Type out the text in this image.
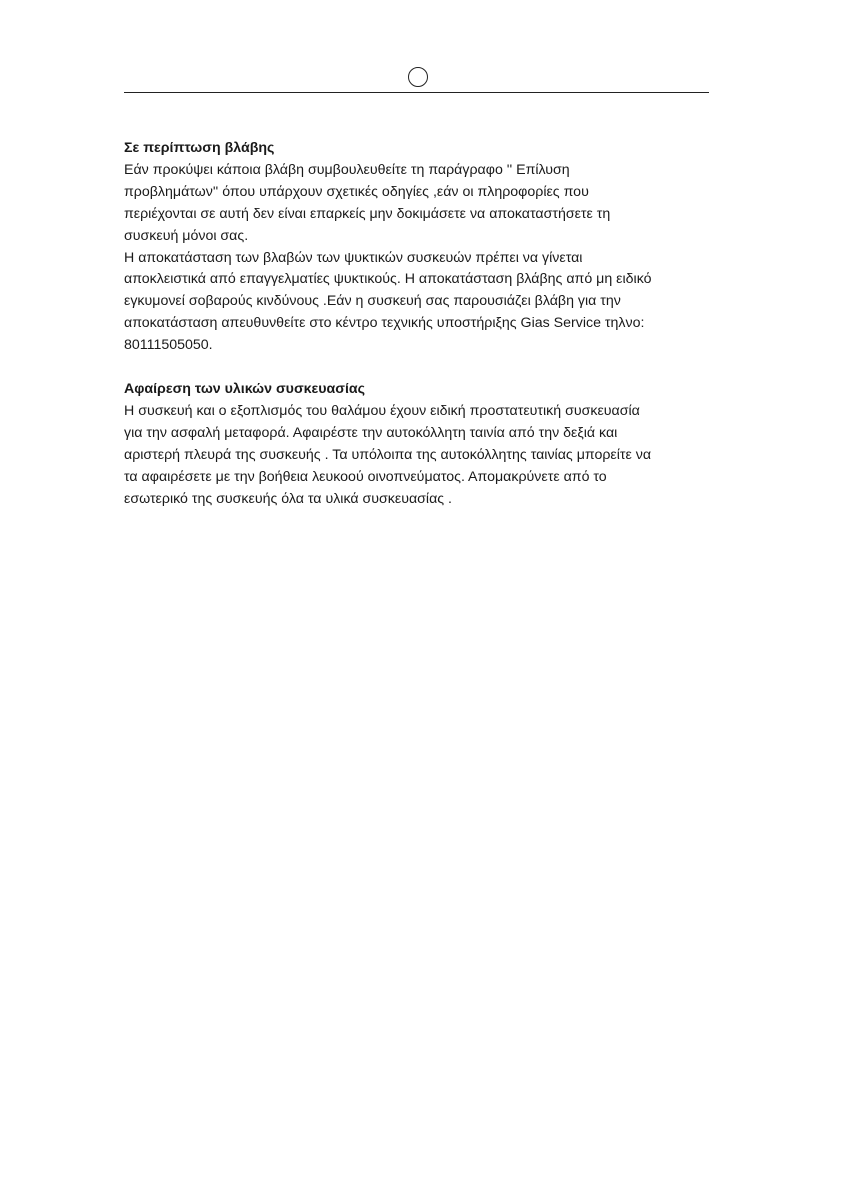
Σε περίπτωση βλάβης

Εάν προκύψει κάποια βλάβη συμβουλευθείτε τη παράγραφο '' Επίλυση

προβλημάτων'' όπου υπάρχουν σχετικές οδηγίες ,εάν οι πληροφορίες που

περιέχονται σε αυτή δεν είναι επαρκείς μην δοκιμάσετε να αποκαταστήσετε τη

συσκευή μόνοι σας.

Η αποκατάσταση των βλαβών των ψυκτικών συσκευών πρέπει να γίνεται

αποκλειστικά από επαγγελματίες ψυκτικούς. Η αποκατάσταση βλάβης από μη ειδικό

εγκυμονεί σοβαρούς κινδύνους .Εάν η συσκευή σας παρουσιάζει βλάβη για την

αποκατάσταση απευθυνθείτε στο κέντρο τεχνικής υποστήριξης Gias Service τηλνο:

80111505050.

Αφαίρεση των υλικών συσκευασίας

Η συσκευή και ο εξοπλισμός του θαλάμου έχουν ειδική προστατευτική συσκευασία

για την ασφαλή μεταφορά. Αφαιρέστε την αυτοκόλλητη ταινία από την δεξιά και

αριστερή πλευρά της συσκευής . Τα υπόλοιπα της αυτοκόλλητης ταινίας μπορείτε να

τα αφαιρέσετε με την βοήθεια λευκοού οινοπνεύματος. Απομακρύνετε από το

εσωτερικό της συσκευής όλα τα υλικά συσκευασίας .
